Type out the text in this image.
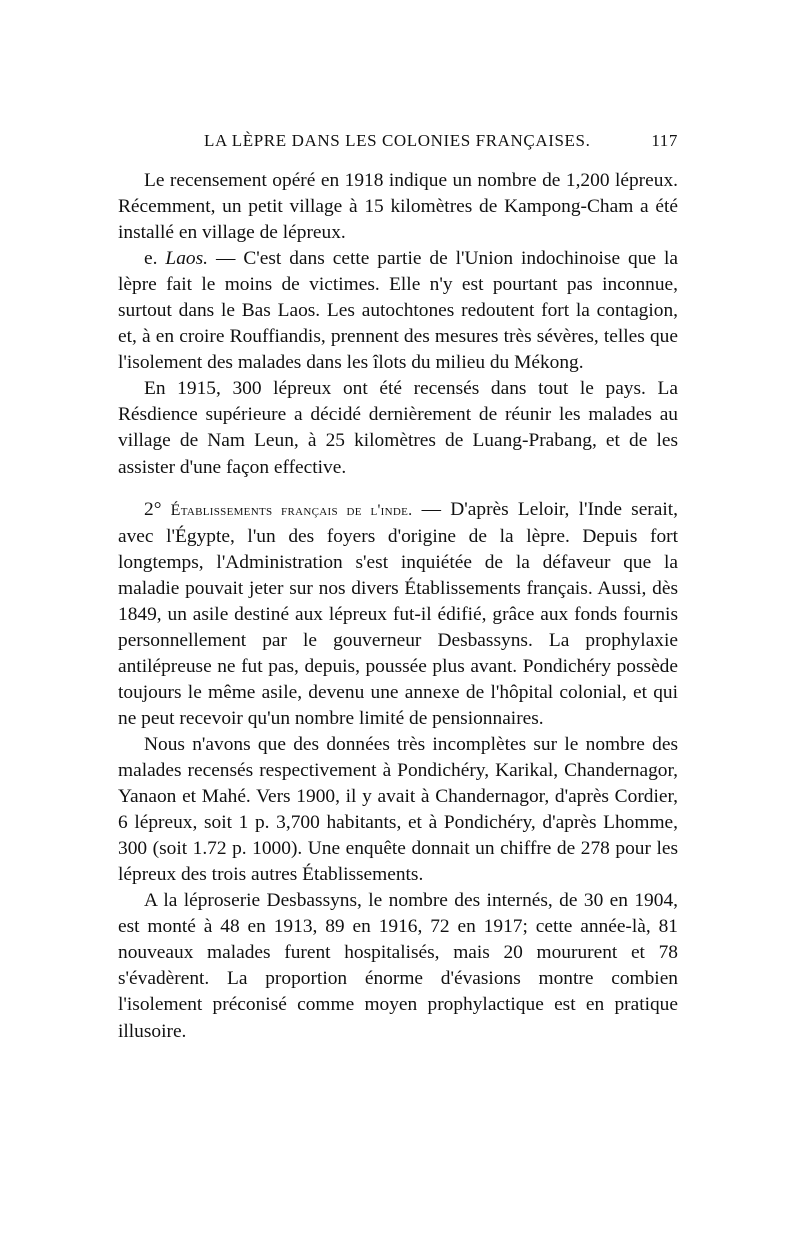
LA LÈPRE DANS LES COLONIES FRANÇAISES.	117

Le recensement opéré en 1918 indique un nombre de 1,200 lépreux. Récemment, un petit village à 15 kilomètres de Kampong-Cham a été installé en village de lépreux.

e. Laos. — C'est dans cette partie de l'Union indochinoise que la lèpre fait le moins de victimes. Elle n'y est pourtant pas inconnue, surtout dans le Bas Laos. Les autochtones redoutent fort la contagion, et, à en croire Rouffiandis, prennent des mesures très sévères, telles que l'isolement des malades dans les îlots du milieu du Mékong.

En 1915, 300 lépreux ont été recensés dans tout le pays. La Résdience supérieure a décidé dernièrement de réunir les malades au village de Nam Leun, à 25 kilomètres de Luang-Prabang, et de les assister d'une façon effective.

2° Établissements français de l'inde. — D'après Leloir, l'Inde serait, avec l'Égypte, l'un des foyers d'origine de la lèpre. Depuis fort longtemps, l'Administration s'est inquiétée de la défaveur que la maladie pouvait jeter sur nos divers Établissements français. Aussi, dès 1849, un asile destiné aux lépreux fut-il édifié, grâce aux fonds fournis personnellement par le gouverneur Desbassyns. La prophylaxie antilépreuse ne fut pas, depuis, poussée plus avant. Pondichéry possède toujours le même asile, devenu une annexe de l'hôpital colonial, et qui ne peut recevoir qu'un nombre limité de pensionnaires.

Nous n'avons que des données très incomplètes sur le nombre des malades recensés respectivement à Pondichéry, Karikal, Chandernagor, Yanaon et Mahé. Vers 1900, il y avait à Chandernagor, d'après Cordier, 6 lépreux, soit 1 p. 3,700 habitants, et à Pondichéry, d'après Lhomme, 300 (soit 1.72 p. 1000). Une enquête donnait un chiffre de 278 pour les lépreux des trois autres Établissements.

A la léproserie Desbassyns, le nombre des internés, de 30 en 1904, est monté à 48 en 1913, 89 en 1916, 72 en 1917; cette année-là, 81 nouveaux malades furent hospitalisés, mais 20 moururent et 78 s'évadèrent. La proportion énorme d'évasions montre combien l'isolement préconisé comme moyen prophylactique est en pratique illusoire.
